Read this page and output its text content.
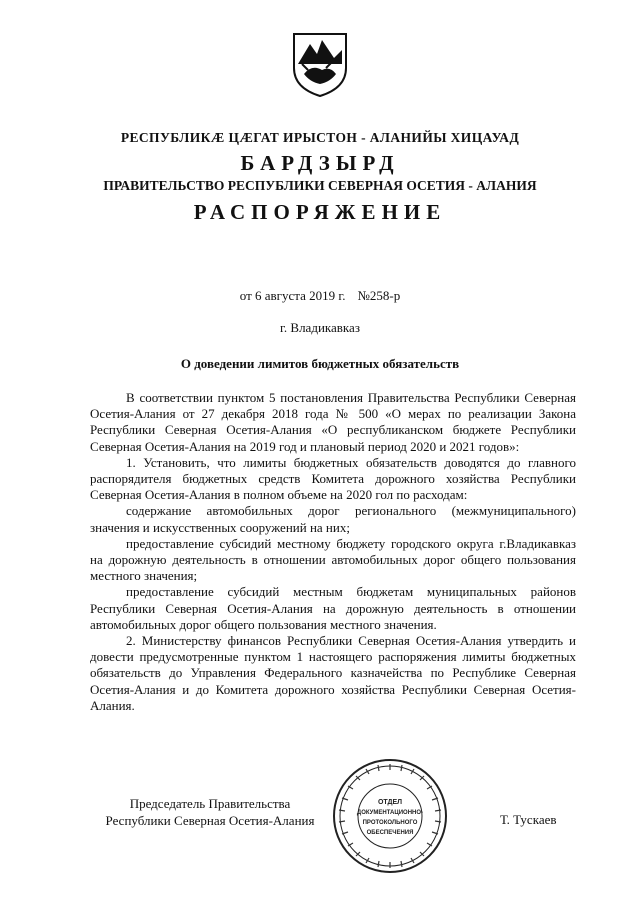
РЕСПУБЛИКӔ ЦӔГАТ ИРЫСТОН - АЛАНИЙЫ ХИЦАУАД
БАРДЗЫРД
ПРАВИТЕЛЬСТВО РЕСПУБЛИКИ СЕВЕРНАЯ ОСЕТИЯ - АЛАНИЯ
РАСПОРЯЖЕНИЕ
от 6 августа 2019 г. №258-р
г. Владикавказ
О доведении лимитов бюджетных обязательств

В соответствии пунктом 5 постановления Правительства Республики Северная Осетия-Алания от 27 декабря 2018 года № 500 «О мерах по реализации Закона Республики Северная Осетия-Алания «О республиканском бюджете Республики Северная Осетия-Алания на 2019 год и плановый период 2020 и 2021 годов»:

1. Установить, что лимиты бюджетных обязательств доводятся до главного распорядителя бюджетных средств Комитета дорожного хозяйства Республики Северная Осетия-Алания в полном объеме на 2020 гол по расходам:

содержание автомобильных дорог регионального (межмуниципального) значения и искусственных сооружений на них;

предоставление субсидий местному бюджету городского округа г.Владикавказ на дорожную деятельность в отношении автомобильных дорог общего пользования местного значения;

предоставление субсидий местным бюджетам муниципальных районов Республики Северная Осетия-Алания на дорожную деятельность в отношении автомобильных дорог общего пользования местного значения.

2. Министерству финансов Республики Северная Осетия-Алания утвердить и довести предусмотренные пунктом 1 настоящего распоряжения лимиты бюджетных обязательств до Управления Федерального казначейства по Республике Северная Осетия-Алания и до Комитета дорожного хозяйства Республики Северная Осетия-Алания.

Председатель Правительства
Республики Северная Осетия-Алания
ОТДЕЛ
ДОКУМЕНТАЦИОННО-
ПРОТОКОЛЬНОГО
ОБЕСПЕЧЕНИЯ
Т. Тускаев
